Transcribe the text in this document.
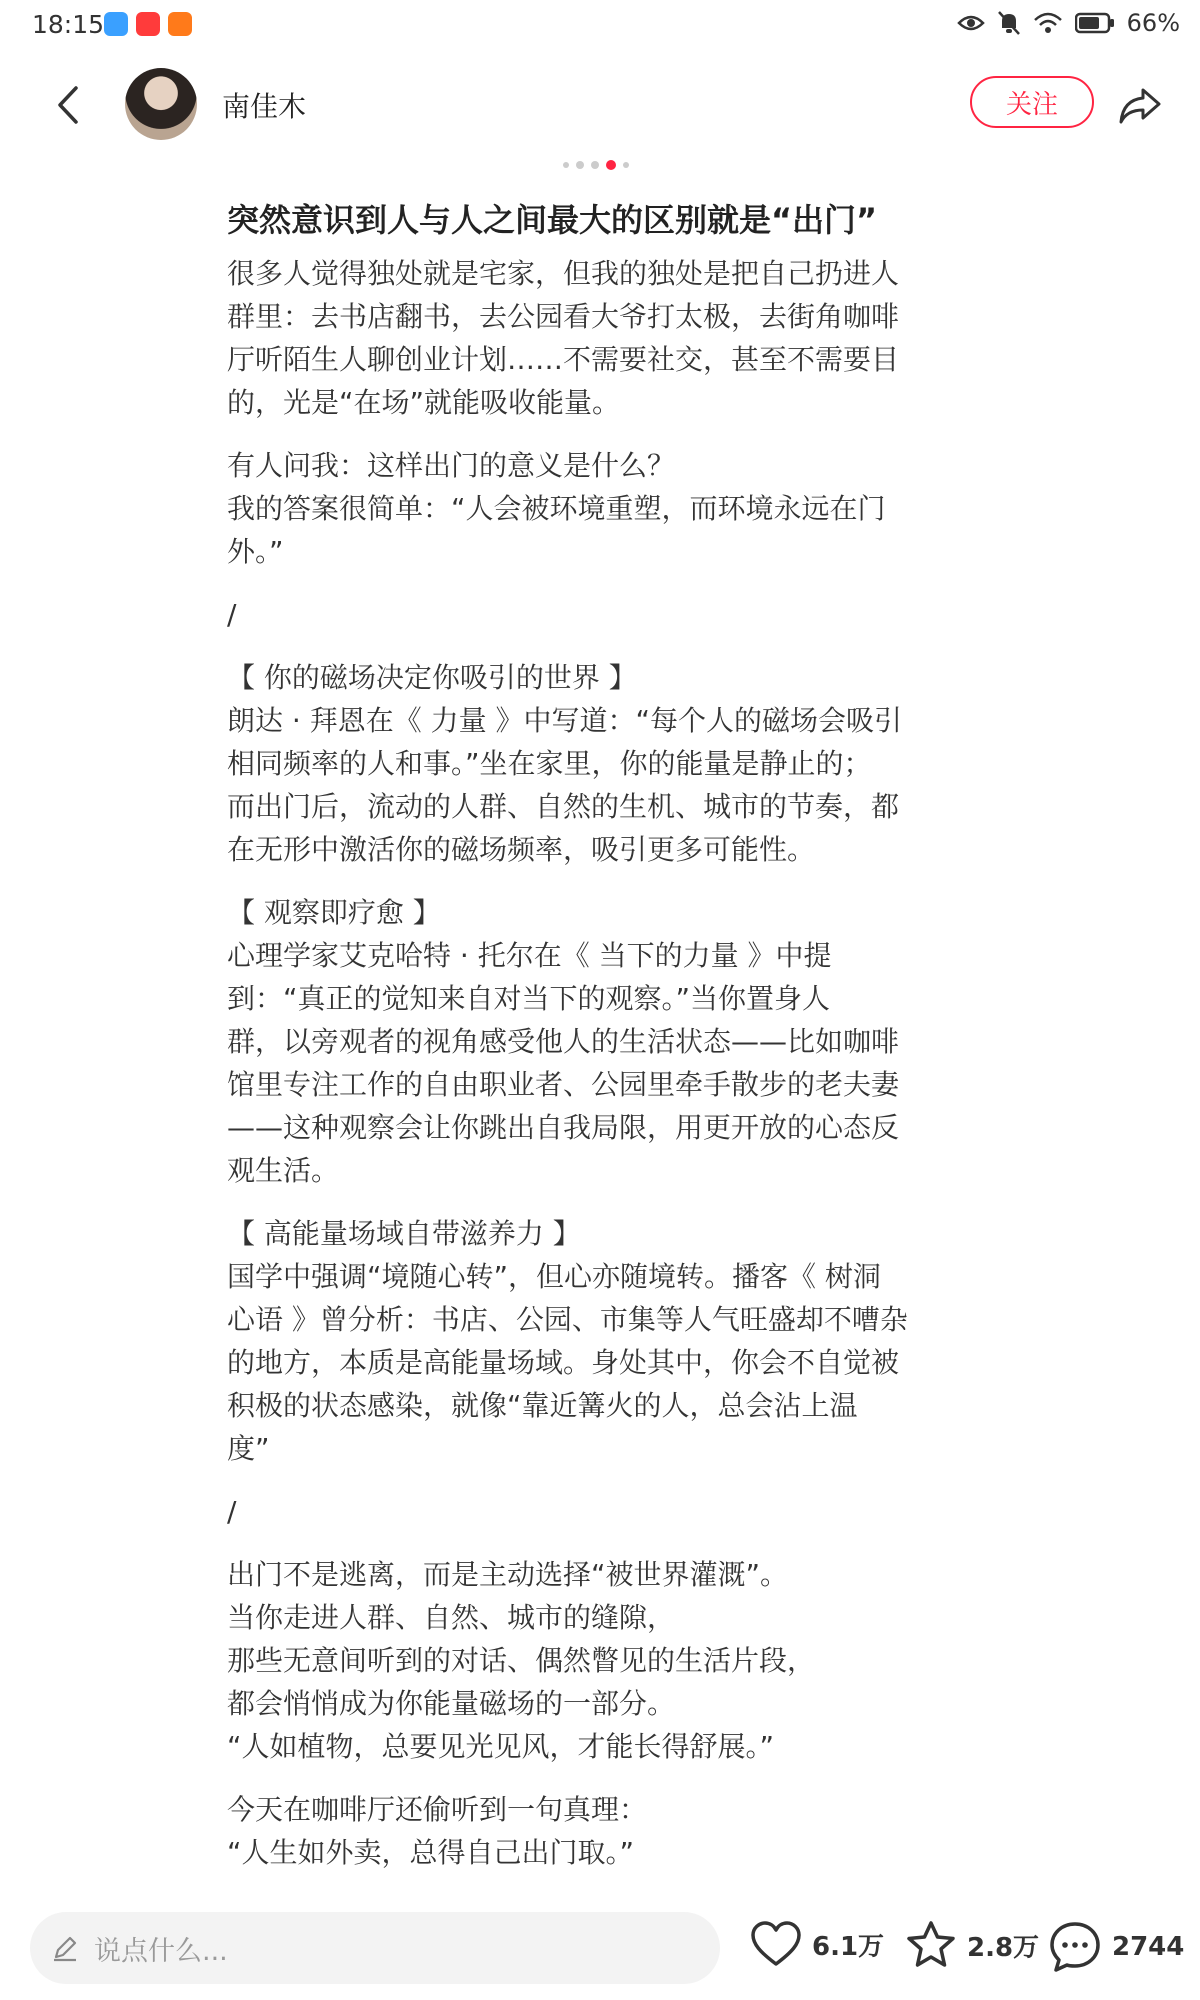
18:15	66%
南佳木	关注
突然意识到人与人之间最大的区别就是“出门”
很多人觉得独处就是宅家，但我的独处是把自己扔进人
群里：去书店翻书，去公园看大爷打太极，去街角咖啡
厅听陌生人聊创业计划……不需要社交，甚至不需要目
的，光是“在场”就能吸收能量。
有人问我：这样出门的意义是什么？
我的答案很简单：“人会被环境重塑，而环境永远在门
外。”
/
【 你的磁场决定你吸引的世界 】
朗达 · 拜恩在《 力量 》中写道：“每个人的磁场会吸引
相同频率的人和事。”坐在家里，你的能量是静止的；
而出门后，流动的人群、自然的生机、城市的节奏，都
在无形中激活你的磁场频率，吸引更多可能性。
【 观察即疗愈 】
心理学家艾克哈特 · 托尔在《 当下的力量 》中提
到：“真正的觉知来自对当下的观察。”当你置身人
群，以旁观者的视角感受他人的生活状态——比如咖啡
馆里专注工作的自由职业者、公园里牵手散步的老夫妻
——这种观察会让你跳出自我局限，用更开放的心态反
观生活。
【 高能量场域自带滋养力 】
国学中强调“境随心转”，但心亦随境转。播客《 树洞
心语 》曾分析：书店、公园、市集等人气旺盛却不嘈杂
的地方，本质是高能量场域。身处其中，你会不自觉被
积极的状态感染，就像“靠近篝火的人，总会沾上温
度”
/
出门不是逃离，而是主动选择“被世界灌溉”。
当你走进人群、自然、城市的缝隙，
那些无意间听到的对话、偶然瞥见的生活片段，
都会悄悄成为你能量磁场的一部分。
“人如植物，总要见光见风，才能长得舒展。”
今天在咖啡厅还偷听到一句真理：
“人生如外卖，总得自己出门取。”
说点什么...	6.1万	2.8万	2744
